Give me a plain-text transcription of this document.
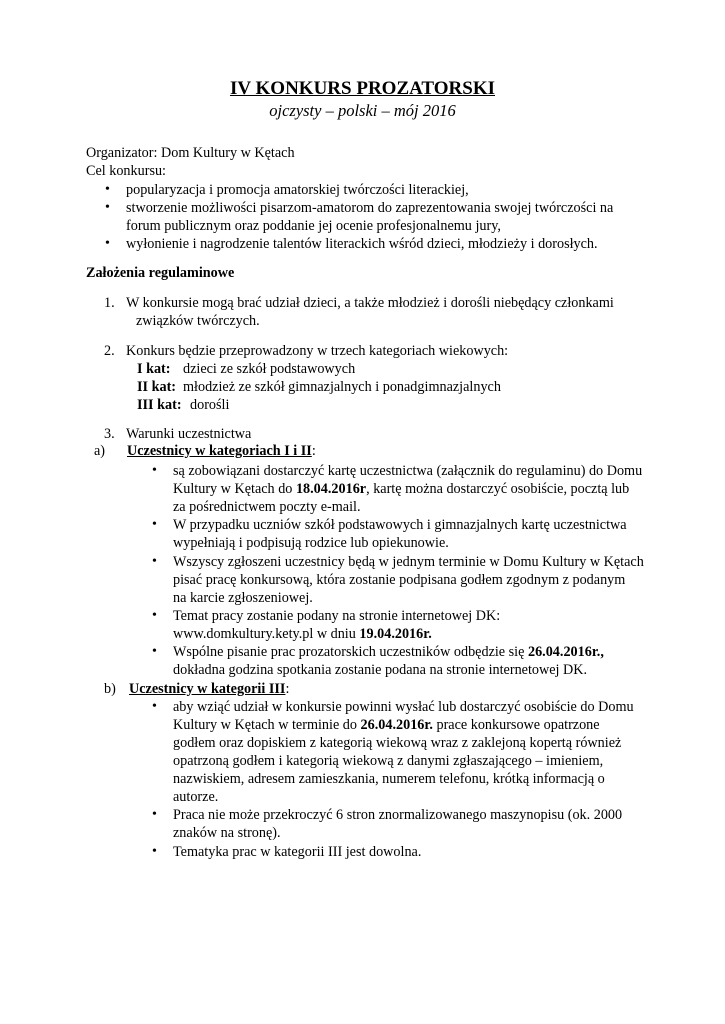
IV KONKURS PROZATORSKI
ojczysty – polski – mój 2016
Organizator: Dom Kultury w Kętach
Cel konkursu:
• popularyzacja i promocja amatorskiej twórczości literackiej,
• stworzenie możliwości pisarzom-amatorom do zaprezentowania swojej twórczości na
forum publicznym oraz poddanie jej ocenie profesjonalnemu jury,
• wyłonienie i nagrodzenie talentów literackich wśród dzieci, młodzieży i dorosłych.
Założenia regulaminowe
1. W konkursie mogą brać udział dzieci, a także młodzież i dorośli niebędący członkami
związków twórczych.
2. Konkurs będzie przeprowadzony w trzech kategoriach wiekowych:
I kat: dzieci ze szkół podstawowych
II kat: młodzież ze szkół gimnazjalnych i ponadgimnazjalnych
III kat: dorośli
3. Warunki uczestnictwa
a) Uczestnicy w kategoriach I i II:
• są zobowiązani dostarczyć kartę uczestnictwa (załącznik do regulaminu) do Domu
Kultury w Kętach do 18.04.2016r, kartę można dostarczyć osobiście, pocztą lub
za pośrednictwem poczty e-mail.
• W przypadku uczniów szkół podstawowych i gimnazjalnych kartę uczestnictwa
wypełniają i podpisują rodzice lub opiekunowie.
• Wszyscy zgłoszeni uczestnicy będą w jednym terminie w Domu Kultury w Kętach
pisać pracę konkursową, która zostanie podpisana godłem zgodnym z podanym
na karcie zgłoszeniowej.
• Temat pracy zostanie podany na stronie internetowej DK:
www.domkultury.kety.pl w dniu 19.04.2016r.
• Wspólne pisanie prac prozatorskich uczestników odbędzie się 26.04.2016r.,
dokładna godzina spotkania zostanie podana na stronie internetowej DK.
b) Uczestnicy w kategorii III:
• aby wziąć udział w konkursie powinni wysłać lub dostarczyć osobiście do Domu
Kultury w Kętach w terminie do 26.04.2016r. prace konkursowe opatrzone
godłem oraz dopiskiem z kategorią wiekową wraz z zaklejoną kopertą również
opatrzoną godłem i kategorią wiekową z danymi zgłaszającego – imieniem,
nazwiskiem, adresem zamieszkania, numerem telefonu, krótką informacją o
autorze.
• Praca nie może przekroczyć 6 stron znormalizowanego maszynopisu (ok. 2000
znaków na stronę).
• Tematyka prac w kategorii III jest dowolna.
